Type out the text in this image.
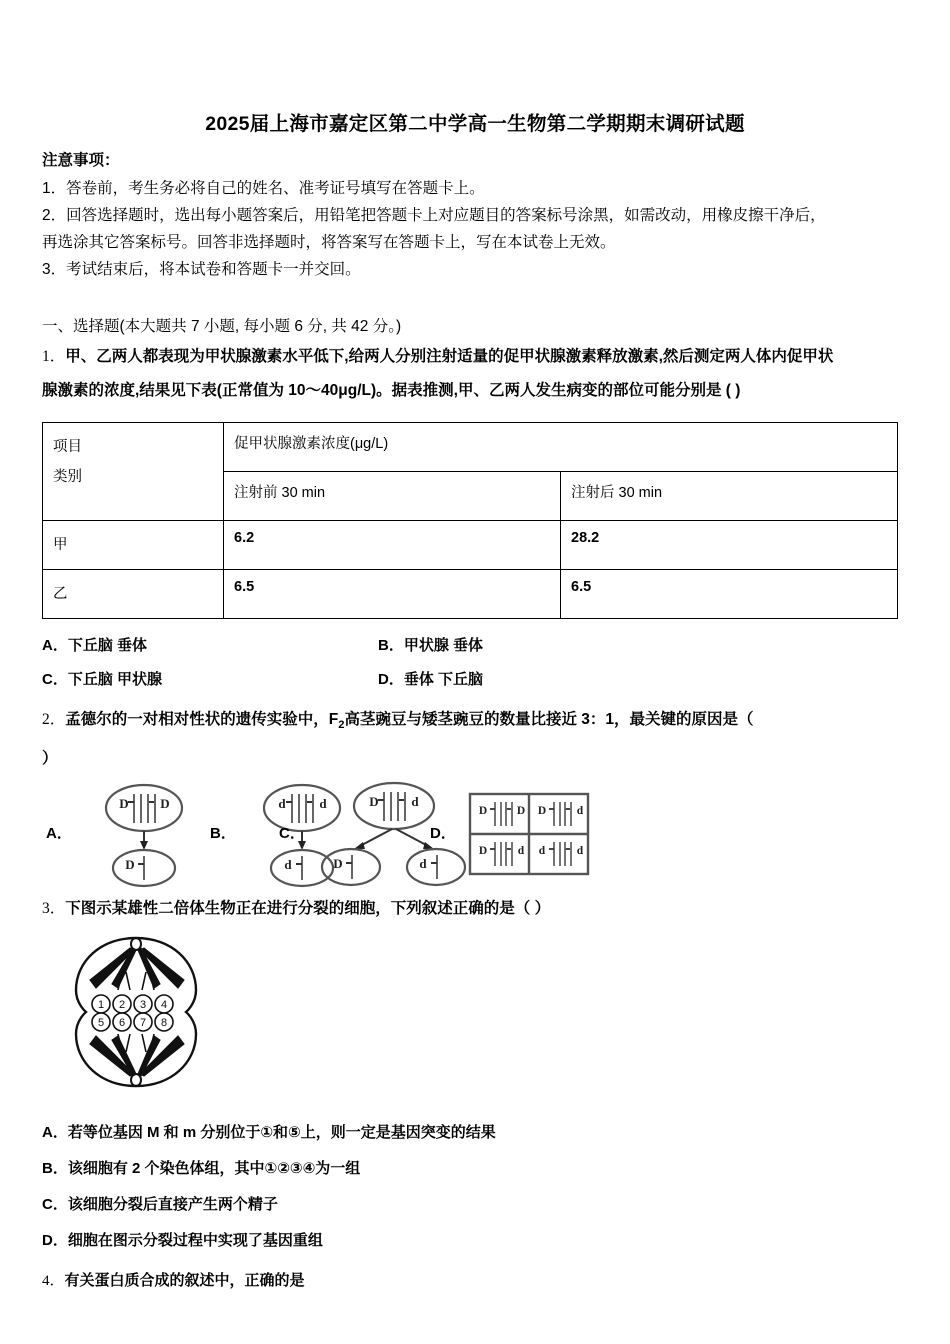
2025届上海市嘉定区第二中学高一生物第二学期期末调研试题
注意事项：
1．答卷前，考生务必将自己的姓名、准考证号填写在答题卡上。
2．回答选择题时，选出每小题答案后，用铅笔把答题卡上对应题目的答案标号涂黑，如需改动，用橡皮擦干净后，
再选涂其它答案标号。回答非选择题时，将答案写在答题卡上，写在本试卷上无效。
3．考试结束后，将本试卷和答题卡一并交回。
一、选择题(本大题共 7 小题, 每小题 6 分, 共 42 分。)
1．甲、乙两人都表现为甲状腺激素水平低下,给两人分别注射适量的促甲状腺激素释放激素,然后测定两人体内促甲状
腺激素的浓度,结果见下表(正常值为 10～40μg/L)。据表推测,甲、乙两人发生病变的部位可能分别是 ( )
项目
类别	促甲状腺激素浓度(μg/L)	
	注射前 30 min	注射后 30 min
甲	6.2	28.2
乙	6.5	6.5
A．下丘脑 垂体	B．甲状腺 垂体
C．下丘脑 甲状腺	D．垂体 下丘脑
2．孟德尔的一对相对性状的遗传实验中，$F_2$高茎豌豆与矮茎豌豆的数量比接近 3：1，最关键的原因是（
）
A．
D D
D
B．
d	d
d
C．
D	d
D	d
D．
D	D D	d
D	d d	d
3．下图示某雄性二倍体生物正在进行分裂的细胞，下列叙述正确的是（ ）
1 2 3 4
5 6 7 8
A．若等位基因 M 和 m 分别位于①和⑤上，则一定是基因突变的结果
B．该细胞有 2 个染色体组，其中①②③④为一组
C．该细胞分裂后直接产生两个精子
D．细胞在图示分裂过程中实现了基因重组
4．有关蛋白质合成的叙述中，正确的是
